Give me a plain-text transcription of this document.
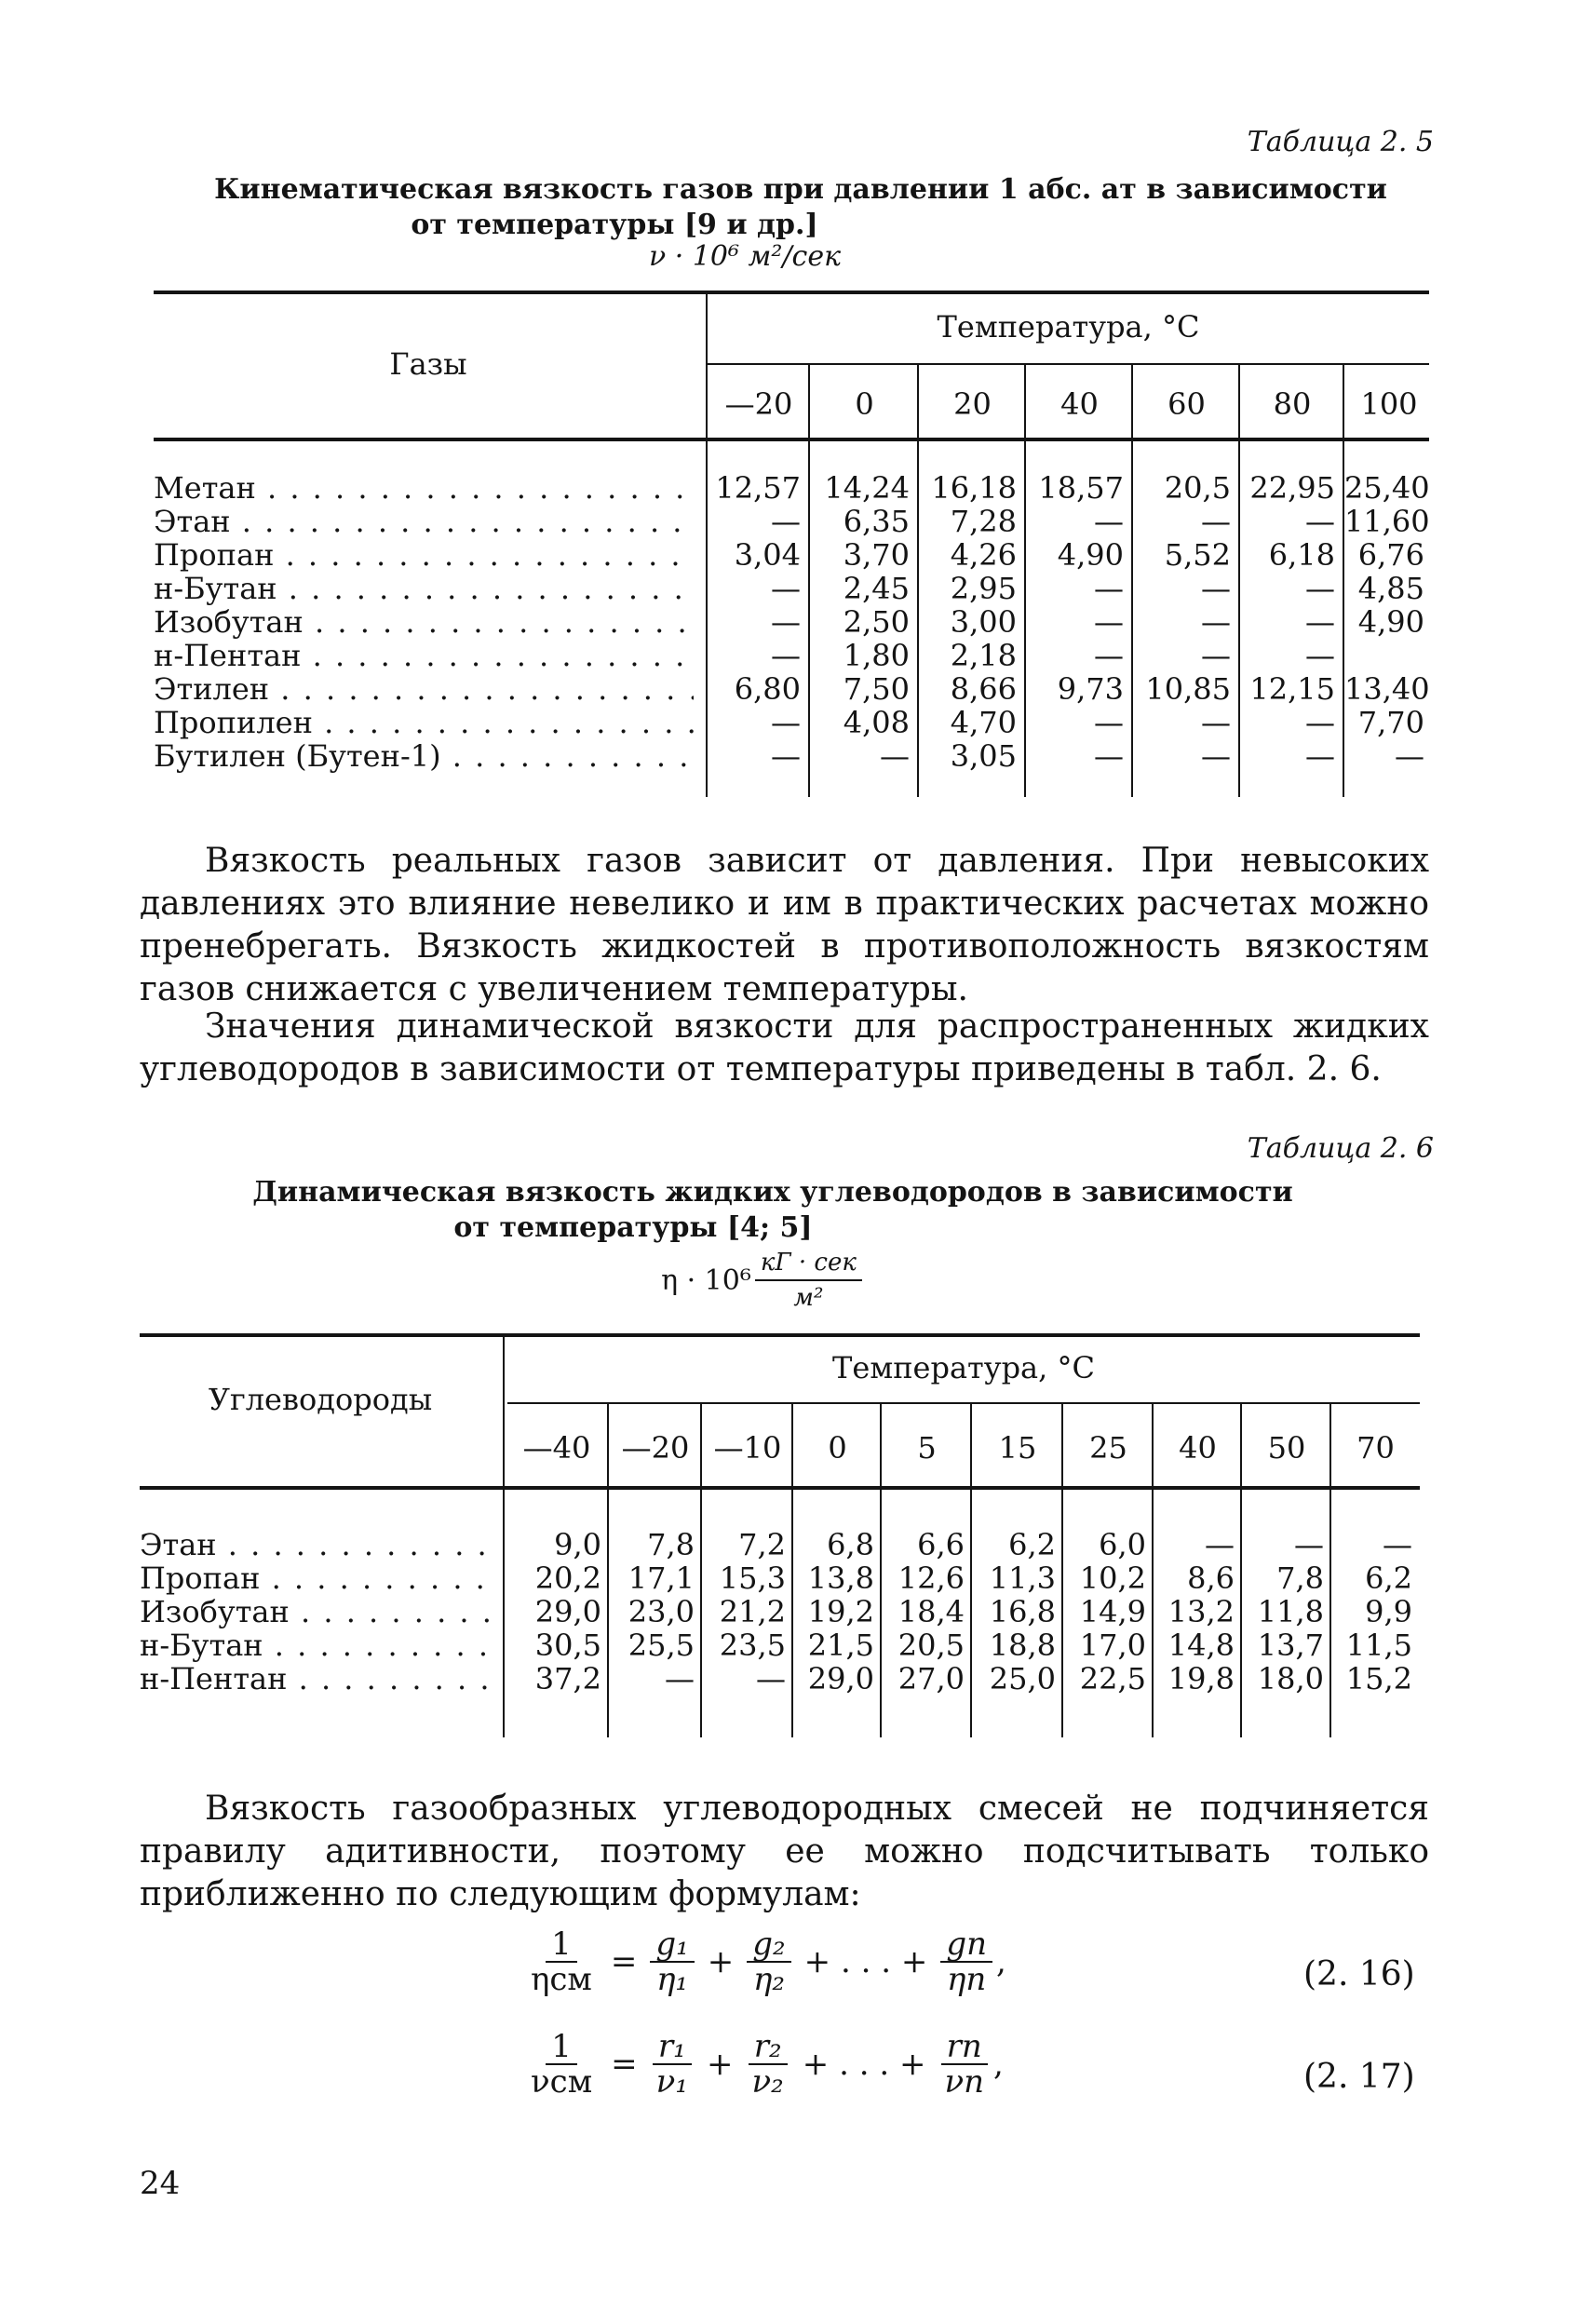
Таблица 2. 5
Кинематическая вязкость газов при давлении 1 абс. ат в зависимости
от температуры [9 и др.]
ν · 10⁶ м²/сек
Газы
Температура, °C
—20	0	20	40	60	80	100
Метан . . .	12,57 14,24 16,18 18,57	20,5 22,95 25,40
Этан . . .	—	6,35	7,28	—	—	— 11,60
Пропан . . .	3,04	3,70	4,26	4,90	5,52	6,18 6,76
н-Бутан . . .	—	2,45	2,95	—	—	— 4,85
Изобутан . . .	—	2,50	3,00	—	—	— 4,90
н-Пентан . . .	—	1,80	2,18	—	—	—
Этилен . . .	6,80	7,50	8,66	9,73 10,85 12,15 13,40
Пропилен . . .	—	4,08	4,70	—	—	— 7,70
Бутилен (Бутен-1) . . .	—	—	3,05	—	—	—	—
Вязкость реальных газов зависит от давления. При невысоких давлениях это влияние невелико и им в практических расчетах можно пренебрегать. Вязкость жидкостей в противоположность вязкостям газов снижается с увеличением температуры.
Значения динамической вязкости для распространенных жидких углеводородов в зависимости от температуры приведены в табл. 2. 6.
Таблица 2. 6
Динамическая вязкость жидких углеводородов в зависимости
от температуры [4; 5]
$\eta \cdot 10^6 \frac{\text{кГ · сек}}{\text{м²}}$
Углеводороды
Температура, °C
—40	—20 —10	0	5	15	25	40	50	70
Этан . . .	9,0	7,8	7,2	6,8	6,6	6,2	6,0	—	—	—
Пропан . . .	20,2 17,1 15,3 13,8 12,6 11,3 10,2	8,6	7,8	6,2
Изобутан . . .	29,0 23,0 21,2 19,2 18,4 16,8 14,9 13,2 11,8	9,9
н-Бутан . . .	30,5 25,5 23,5 21,5 20,5 18,8 17,0 14,8 13,7 11,5
н-Пентан . . .	37,2	—	— 29,0 27,0 25,0 22,5 19,8 18,0 15,2
Вязкость газообразных углеводородных смесей не подчиняется правилу адитивности, поэтому ее можно подсчитывать только приближенно по следующим формулам:
$\frac{1}{\text{ηсм}} = \frac{\text{g₁}}{\text{η₁}} + \frac{\text{g₂}}{\text{η₂}}$ + . . . + $\frac{gn}{\eta n}$ ,	(2. 16)
$\frac{1}{\text{νсм}} = \frac{\text{r₁}}{\text{ν₁}} + \frac{\text{r₂}}{\text{ν₂}}$ + . . . + $\frac{rn}{\nu n}$ ,	(2. 17)
24
